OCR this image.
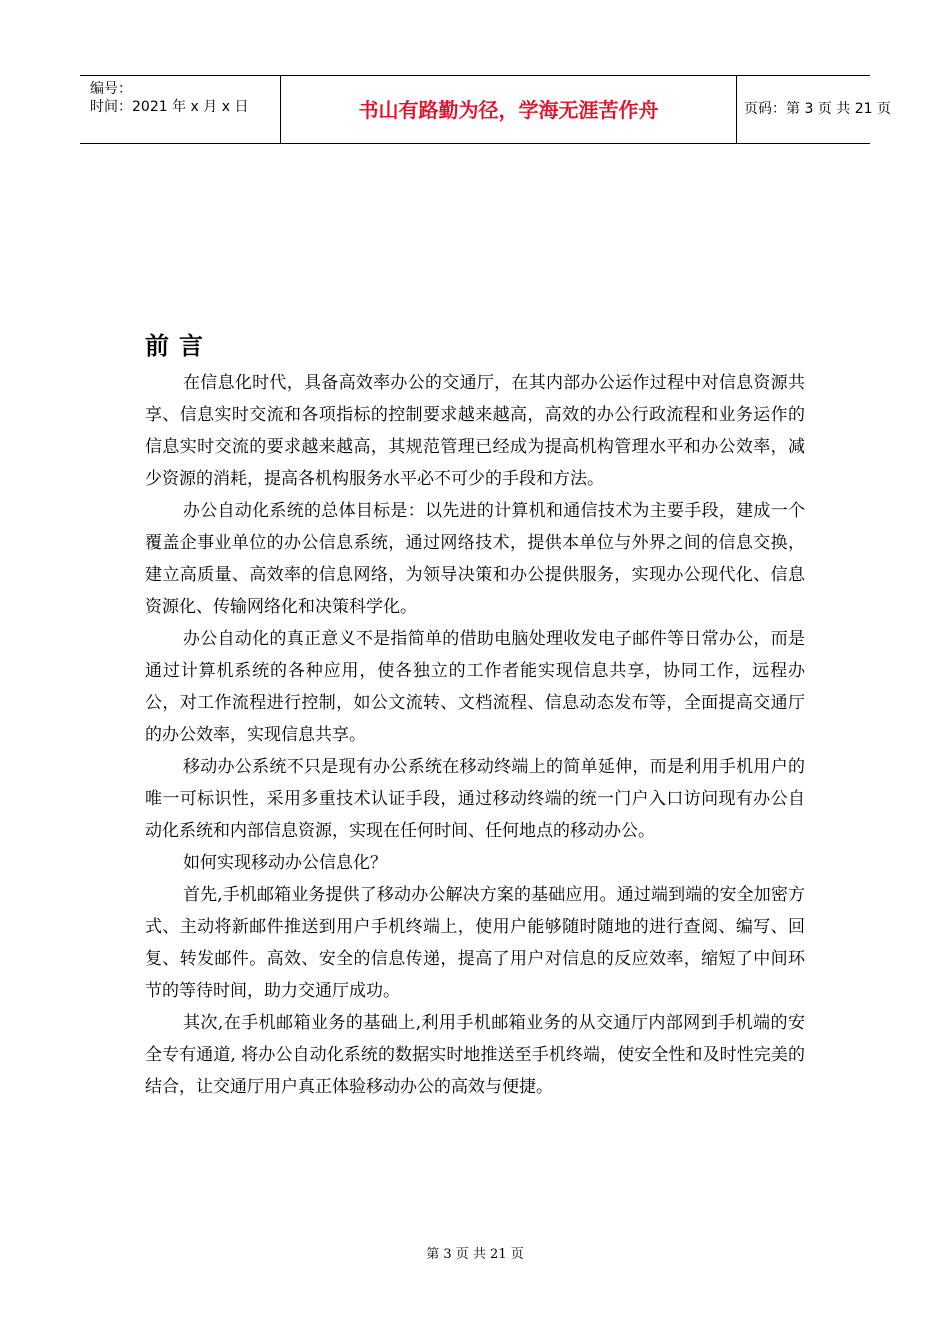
编号：
时间：2021 年 x 月 x 日	书山有路勤为径，学海无涯苦作舟	页码：第 3 页 共 21 页
前言

在信息化时代，具备高效率办公的交通厅，在其内部办公运作过程中对信息资源共享、信息实时交流和各项指标的控制要求越来越高，高效的办公行政流程和业务运作的信息实时交流的要求越来越高，其规范管理已经成为提高机构管理水平和办公效率，减少资源的消耗，提高各机构服务水平必不可少的手段和方法。

办公自动化系统的总体目标是：以先进的计算机和通信技术为主要手段，建成一个覆盖企事业单位的办公信息系统，通过网络技术，提供本单位与外界之间的信息交换，建立高质量、高效率的信息网络，为领导决策和办公提供服务，实现办公现代化、信息资源化、传输网络化和决策科学化。

办公自动化的真正意义不是指简单的借助电脑处理收发电子邮件等日常办公，而是通过计算机系统的各种应用，使各独立的工作者能实现信息共享，协同工作，远程办公，对工作流程进行控制，如公文流转、文档流程、信息动态发布等，全面提高交通厅的办公效率，实现信息共享。

移动办公系统不只是现有办公系统在移动终端上的简单延伸，而是利用手机用户的唯一可标识性，采用多重技术认证手段，通过移动终端的统一门户入口访问现有办公自动化系统和内部信息资源，实现在任何时间、任何地点的移动办公。

如何实现移动办公信息化？

首先,手机邮箱业务提供了移动办公解决方案的基础应用。通过端到端的安全加密方式、主动将新邮件推送到用户手机终端上，使用户能够随时随地的进行查阅、编写、回复、转发邮件。高效、安全的信息传递，提高了用户对信息的反应效率，缩短了中间环节的等待时间，助力交通厅成功。

其次,在手机邮箱业务的基础上,利用手机邮箱业务的从交通厅内部网到手机端的安全专有通道, 将办公自动化系统的数据实时地推送至手机终端，使安全性和及时性完美的结合，让交通厅用户真正体验移动办公的高效与便捷。

第 3 页 共 21 页
